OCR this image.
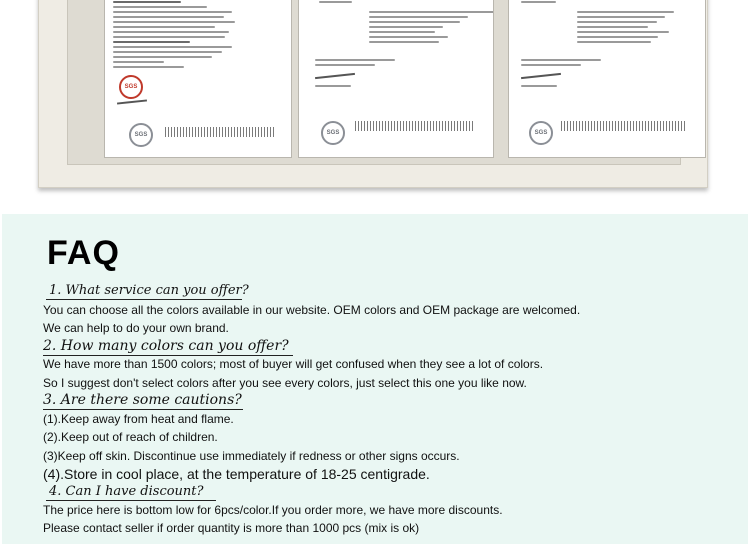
SGS
SGS	SGS	SGS
FAQ
1. What service can you offer?
You can choose all the colors available in our website. OEM colors and OEM package are welcomed.
We can help to do your own brand.
2. How many colors can you offer?
We have more than 1500 colors; most of buyer will get confused when they see a lot of colors.
So I suggest don't select colors after you see every colors, just select this one you like now.
3. Are there some cautions?
(1).Keep away from heat and flame.
(2).Keep out of reach of children.
(3)Keep off skin. Discontinue use immediately if redness or other signs occurs.
(4).Store in cool place, at the temperature of 18-25 centigrade.
4. Can I have discount?
The price here is bottom low for 6pcs/color.If you order more, we have more discounts.
Please contact seller if order quantity is more than 1000 pcs (mix is ok)
